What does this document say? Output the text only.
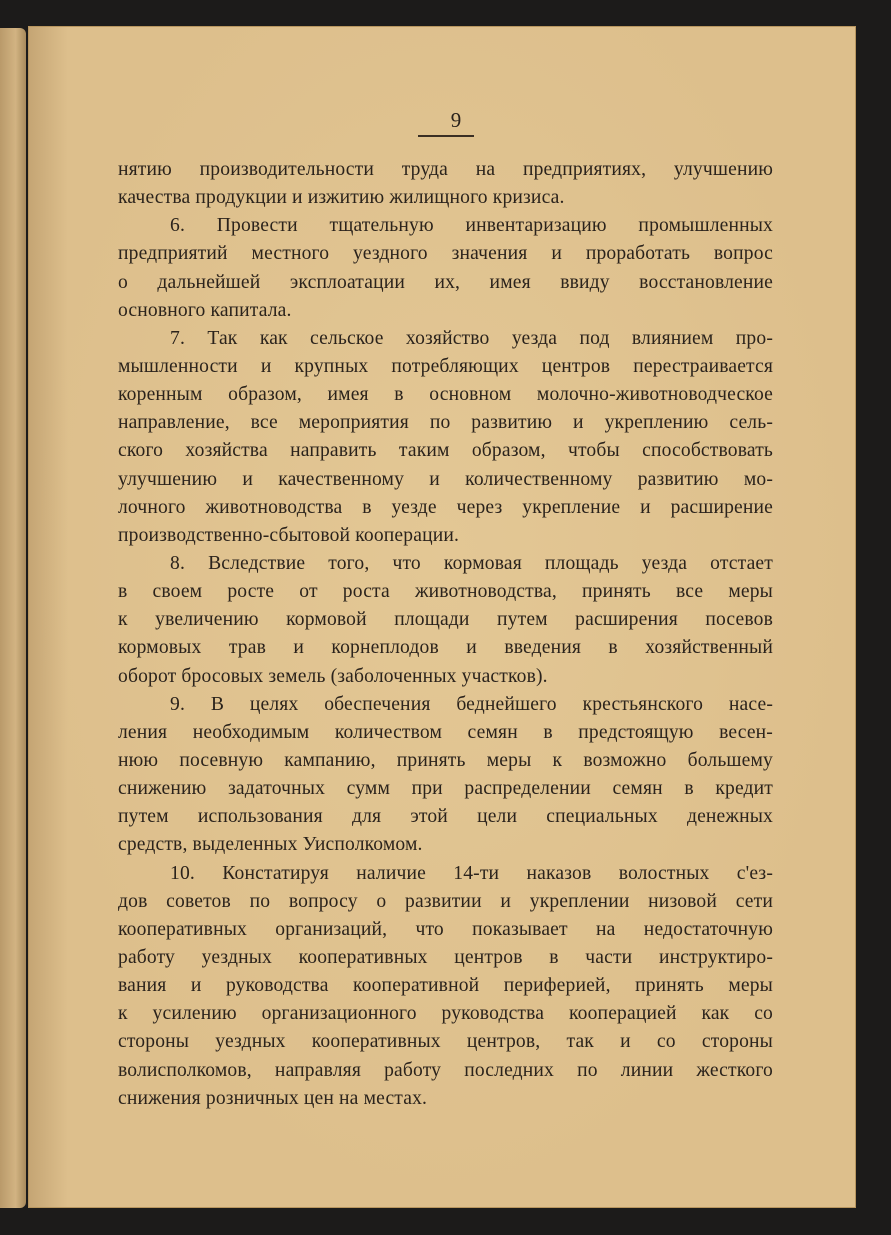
9
нятию производительности труда на предприятиях, улучшению
качества продукции и изжитию жилищного кризиса.
6. Провести тщательную инвентаризацию промышленных
предприятий местного уездного значения и проработать вопрос
о дальнейшей эксплоатации их, имея ввиду восстановление
основного капитала.
7. Так как сельское хозяйство уезда под влиянием про-
мышленности и крупных потребляющих центров перестраивается
коренным образом, имея в основном молочно-животноводческое
направление, все мероприятия по развитию и укреплению сель-
ского хозяйства направить таким образом, чтобы способствовать
улучшению и качественному и количественному развитию мо-
лочного животноводства в уезде через укрепление и расширение
производственно-сбытовой кооперации.
8. Вследствие того, что кормовая площадь уезда отстает
в своем росте от роста животноводства, принять все меры
к увеличению кормовой площади путем расширения посевов
кормовых трав и корнеплодов и введения в хозяйственный
оборот бросовых земель (заболоченных участков).
9. В целях обеспечения беднейшего крестьянского насе-
ления необходимым количеством семян в предстоящую весен-
нюю посевную кампанию, принять меры к возможно большему
снижению задаточных сумм при распределении семян в кредит
путем использования для этой цели специальных денежных
средств, выделенных Уисполкомом.
10. Констатируя наличие 14-ти наказов волостных с'ез-
дов советов по вопросу о развитии и укреплении низовой сети
кооперативных организаций, что показывает на недостаточную
работу уездных кооперативных центров в части инструктиро-
вания и руководства кооперативной периферией, принять меры
к усилению организационного руководства кооперацией как со
стороны уездных кооперативных центров, так и со стороны
волисполкомов, направляя работу последних по линии жесткого
снижения розничных цен на местах.
